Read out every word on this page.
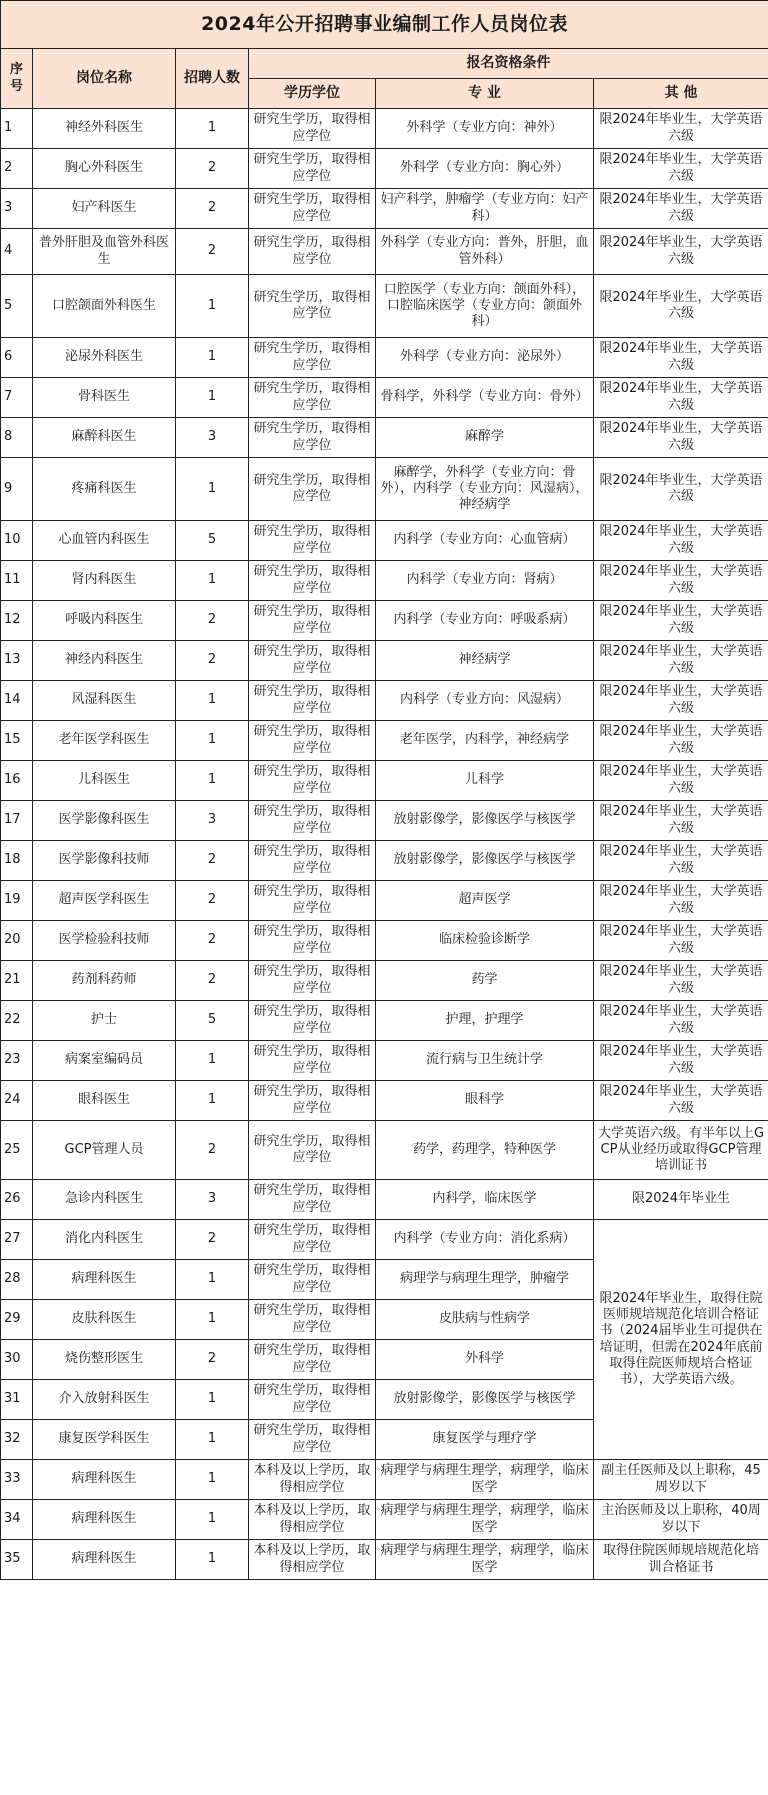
2024年公开招聘事业编制工作人员岗位表					
序号	岗位名称	招聘人数	报名资格条件		
			学历学位	专 业	其 他
1	神经外科医生	1	研究生学历，取得相应学位	外科学（专业方向：神外）	限2024年毕业生，大学英语六级
2	胸心外科医生	2	研究生学历，取得相应学位	外科学（专业方向：胸心外）	限2024年毕业生，大学英语六级
3	妇产科医生	2	研究生学历，取得相应学位	妇产科学，肿瘤学（专业方向：妇产科）	限2024年毕业生，大学英语六级
4	普外肝胆及血管外科医生	2	研究生学历，取得相应学位	外科学（专业方向：普外，肝胆，血管外科）	限2024年毕业生，大学英语六级
5	口腔颌面外科医生	1	研究生学历，取得相应学位	口腔医学（专业方向：颌面外科），口腔临床医学（专业方向：颌面外科）	限2024年毕业生，大学英语六级
6	泌尿外科医生	1	研究生学历，取得相应学位	外科学（专业方向：泌尿外）	限2024年毕业生，大学英语六级
7	骨科医生	1	研究生学历，取得相应学位	骨科学，外科学（专业方向：骨外）	限2024年毕业生，大学英语六级
8	麻醉科医生	3	研究生学历，取得相应学位	麻醉学	限2024年毕业生，大学英语六级
9	疼痛科医生	1	研究生学历，取得相应学位	麻醉学，外科学（专业方向：骨外），内科学（专业方向：风湿病），神经病学	限2024年毕业生，大学英语六级
10	心血管内科医生	5	研究生学历，取得相应学位	内科学（专业方向：心血管病）	限2024年毕业生，大学英语六级
11	肾内科医生	1	研究生学历，取得相应学位	内科学（专业方向：肾病）	限2024年毕业生，大学英语六级
12	呼吸内科医生	2	研究生学历，取得相应学位	内科学（专业方向：呼吸系病）	限2024年毕业生，大学英语六级
13	神经内科医生	2	研究生学历，取得相应学位	神经病学	限2024年毕业生，大学英语六级
14	风湿科医生	1	研究生学历，取得相应学位	内科学（专业方向：风湿病）	限2024年毕业生，大学英语六级
15	老年医学科医生	1	研究生学历，取得相应学位	老年医学，内科学，神经病学	限2024年毕业生，大学英语六级
16	儿科医生	1	研究生学历，取得相应学位	儿科学	限2024年毕业生，大学英语六级
17	医学影像科医生	3	研究生学历，取得相应学位	放射影像学，影像医学与核医学	限2024年毕业生，大学英语六级
18	医学影像科技师	2	研究生学历，取得相应学位	放射影像学，影像医学与核医学	限2024年毕业生，大学英语六级
19	超声医学科医生	2	研究生学历，取得相应学位	超声医学	限2024年毕业生，大学英语六级
20	医学检验科技师	2	研究生学历，取得相应学位	临床检验诊断学	限2024年毕业生，大学英语六级
21	药剂科药师	2	研究生学历，取得相应学位	药学	限2024年毕业生，大学英语六级
22	护士	5	研究生学历，取得相应学位	护理，护理学	限2024年毕业生，大学英语六级
23	病案室编码员	1	研究生学历，取得相应学位	流行病与卫生统计学	限2024年毕业生，大学英语六级
24	眼科医生	1	研究生学历，取得相应学位	眼科学	限2024年毕业生，大学英语六级
25	GCP管理人员	2	研究生学历，取得相应学位	药学，药理学，特种医学	大学英语六级。有半年以上GCP从业经历或取得GCP管理培训证书
26	急诊内科医生	3	研究生学历，取得相应学位	内科学，临床医学	限2024年毕业生
27	消化内科医生	2	研究生学历，取得相应学位	内科学（专业方向：消化系病）	限2024年毕业生，取得住院医师规培规范化培训合格证书（2024届毕业生可提供在培证明，但需在2024年底前取得住院医师规培合格证书），大学英语六级。
28	病理科医生	1	研究生学历，取得相应学位	病理学与病理生理学，肿瘤学	
29	皮肤科医生	1	研究生学历，取得相应学位	皮肤病与性病学	
30	烧伤整形医生	2	研究生学历，取得相应学位	外科学	
31	介入放射科医生	1	研究生学历，取得相应学位	放射影像学，影像医学与核医学	
32	康复医学科医生	1	研究生学历，取得相应学位	康复医学与理疗学	
33	病理科医生	1	本科及以上学历，取得相应学位	病理学与病理生理学，病理学，临床医学	副主任医师及以上职称，45周岁以下
34	病理科医生	1	本科及以上学历，取得相应学位	病理学与病理生理学，病理学，临床医学	主治医师及以上职称，40周岁以下
35	病理科医生	1	本科及以上学历，取得相应学位	病理学与病理生理学，病理学，临床医学	取得住院医师规培规范化培训合格证书
